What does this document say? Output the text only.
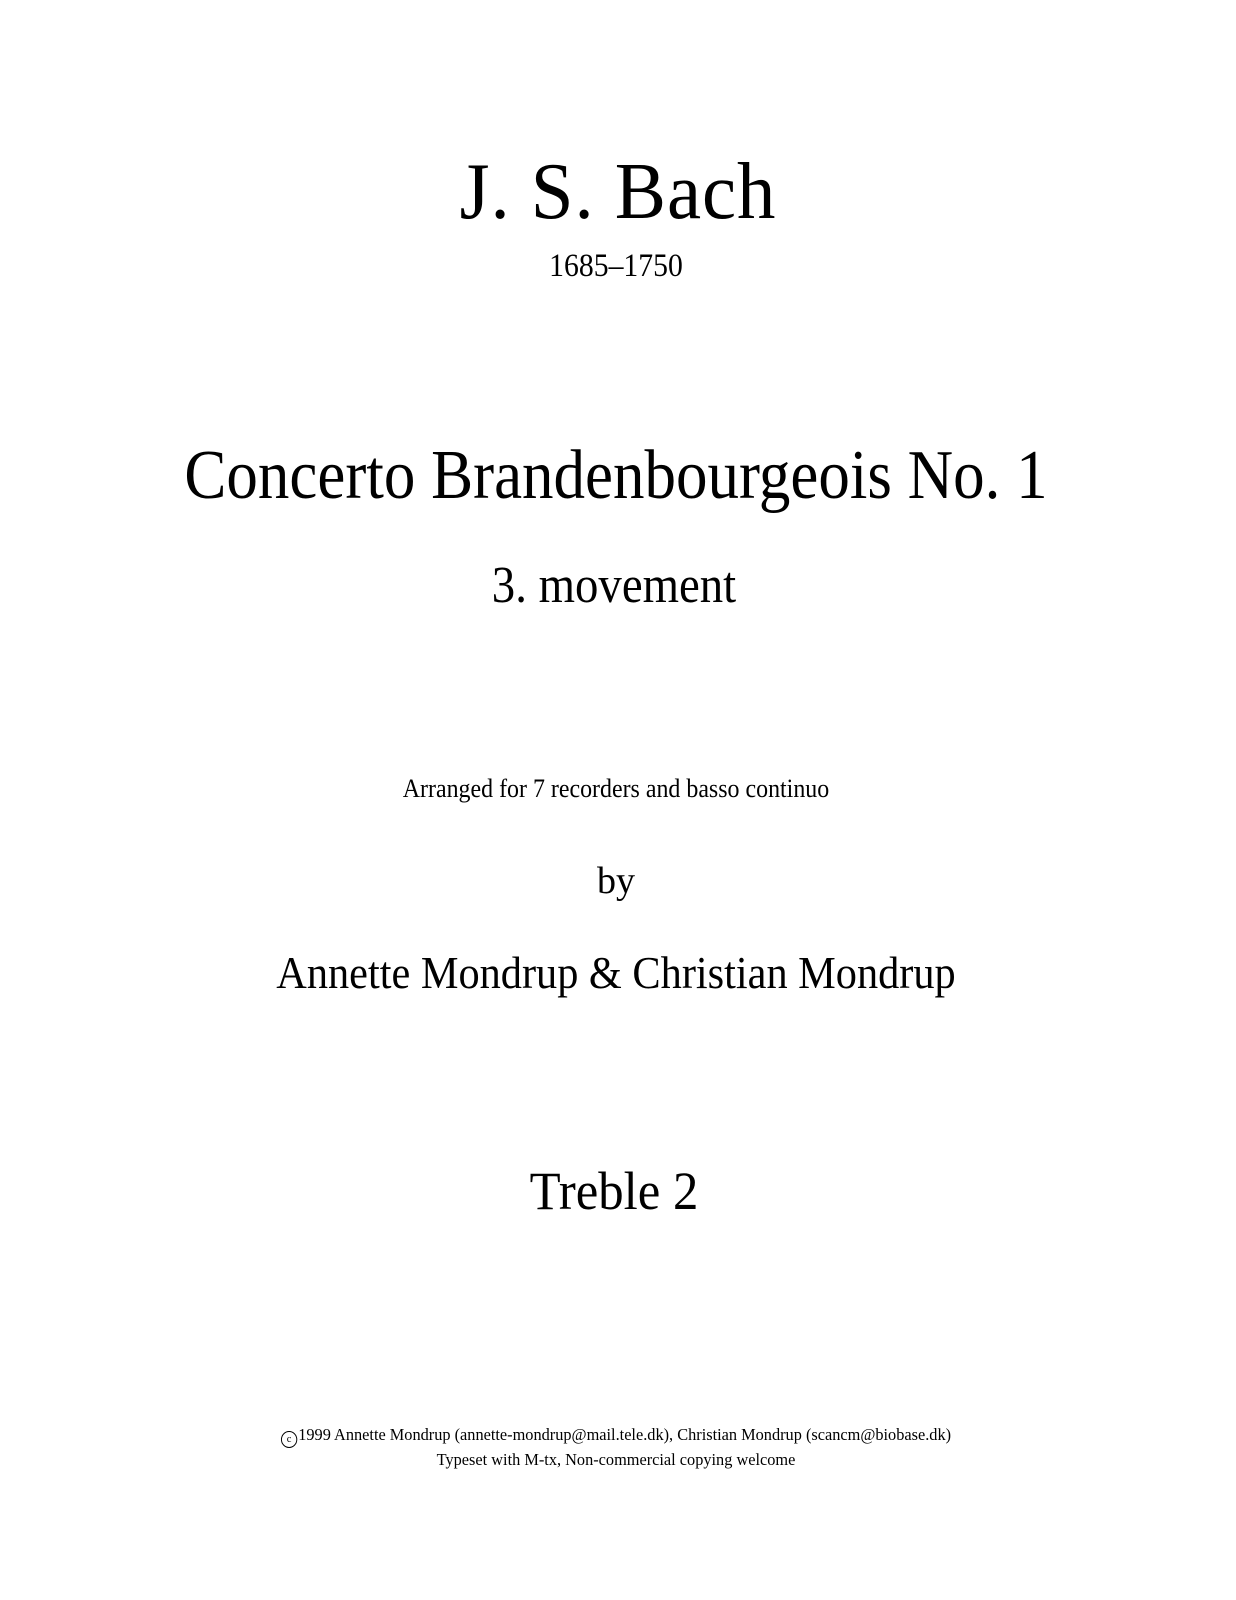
J. S. Bach
1685–1750
Concerto Brandenbourgeois No. 1
3. movement
Arranged for 7 recorders and basso continuo
by
Annette Mondrup & Christian Mondrup
Treble 2
c 1999 Annette Mondrup (annette-mondrup@mail.tele.dk), Christian Mondrup (scancm@biobase.dk)
Typeset with M-tx, Non-commercial copying welcome
